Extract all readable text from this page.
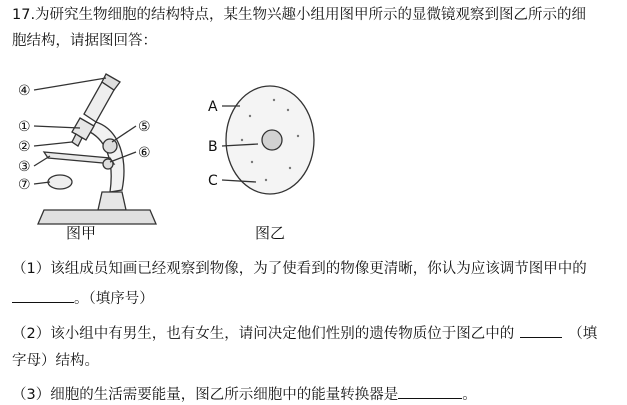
17.为研究生物细胞的结构特点，某生物兴趣小组用图甲所示的显微镜观察到图乙所示的细
胞结构，请据图回答：
④
①
②
③
⑦
⑤
⑥
图甲
A
B
C
图乙
（1）该组成员知画已经观察到物像，为了使看到的物像更清晰，你认为应该调节图甲中的
。（填序号）
（2）该小组中有男生，也有女生，请问决定他们性别的遗传物质位于图乙中的	（填
字母）结构。
（3）细胞的生活需要能量，图乙所示细胞中的能量转换器是	。
